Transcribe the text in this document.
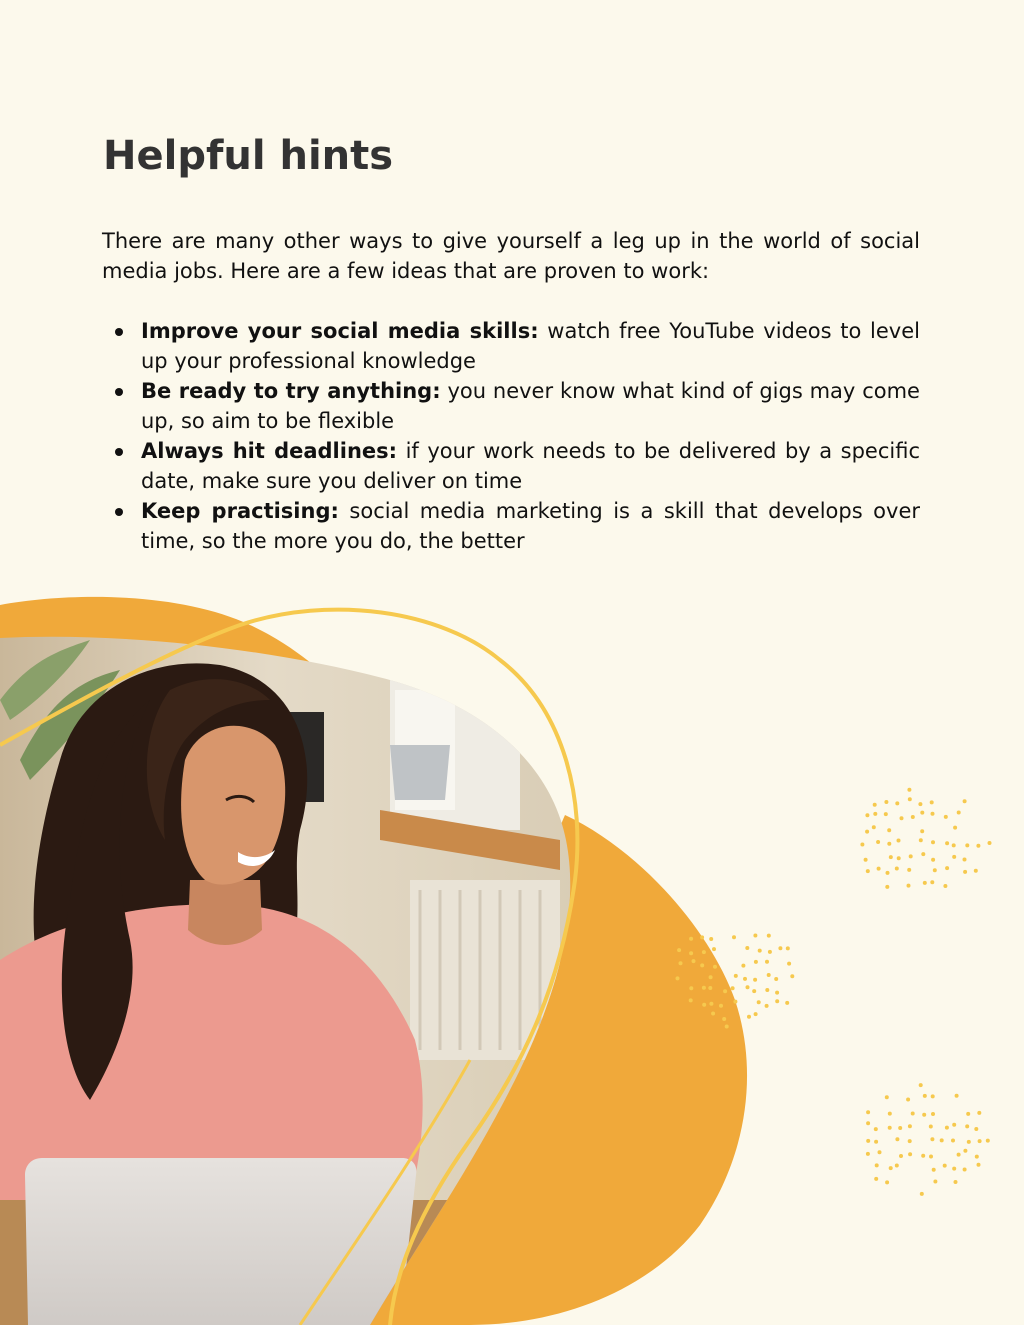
Helpful hints

There are many other ways to give yourself a leg up in the world of social media jobs. Here are a few ideas that are proven to work:

Improve your social media skills: watch free YouTube videos to level up your professional knowledge
Be ready to try anything: you never know what kind of gigs may come up, so aim to be flexible
Always hit deadlines: if your work needs to be delivered by a specific date, make sure you deliver on time
Keep practising: social media marketing is a skill that develops over time, so the more you do, the better
